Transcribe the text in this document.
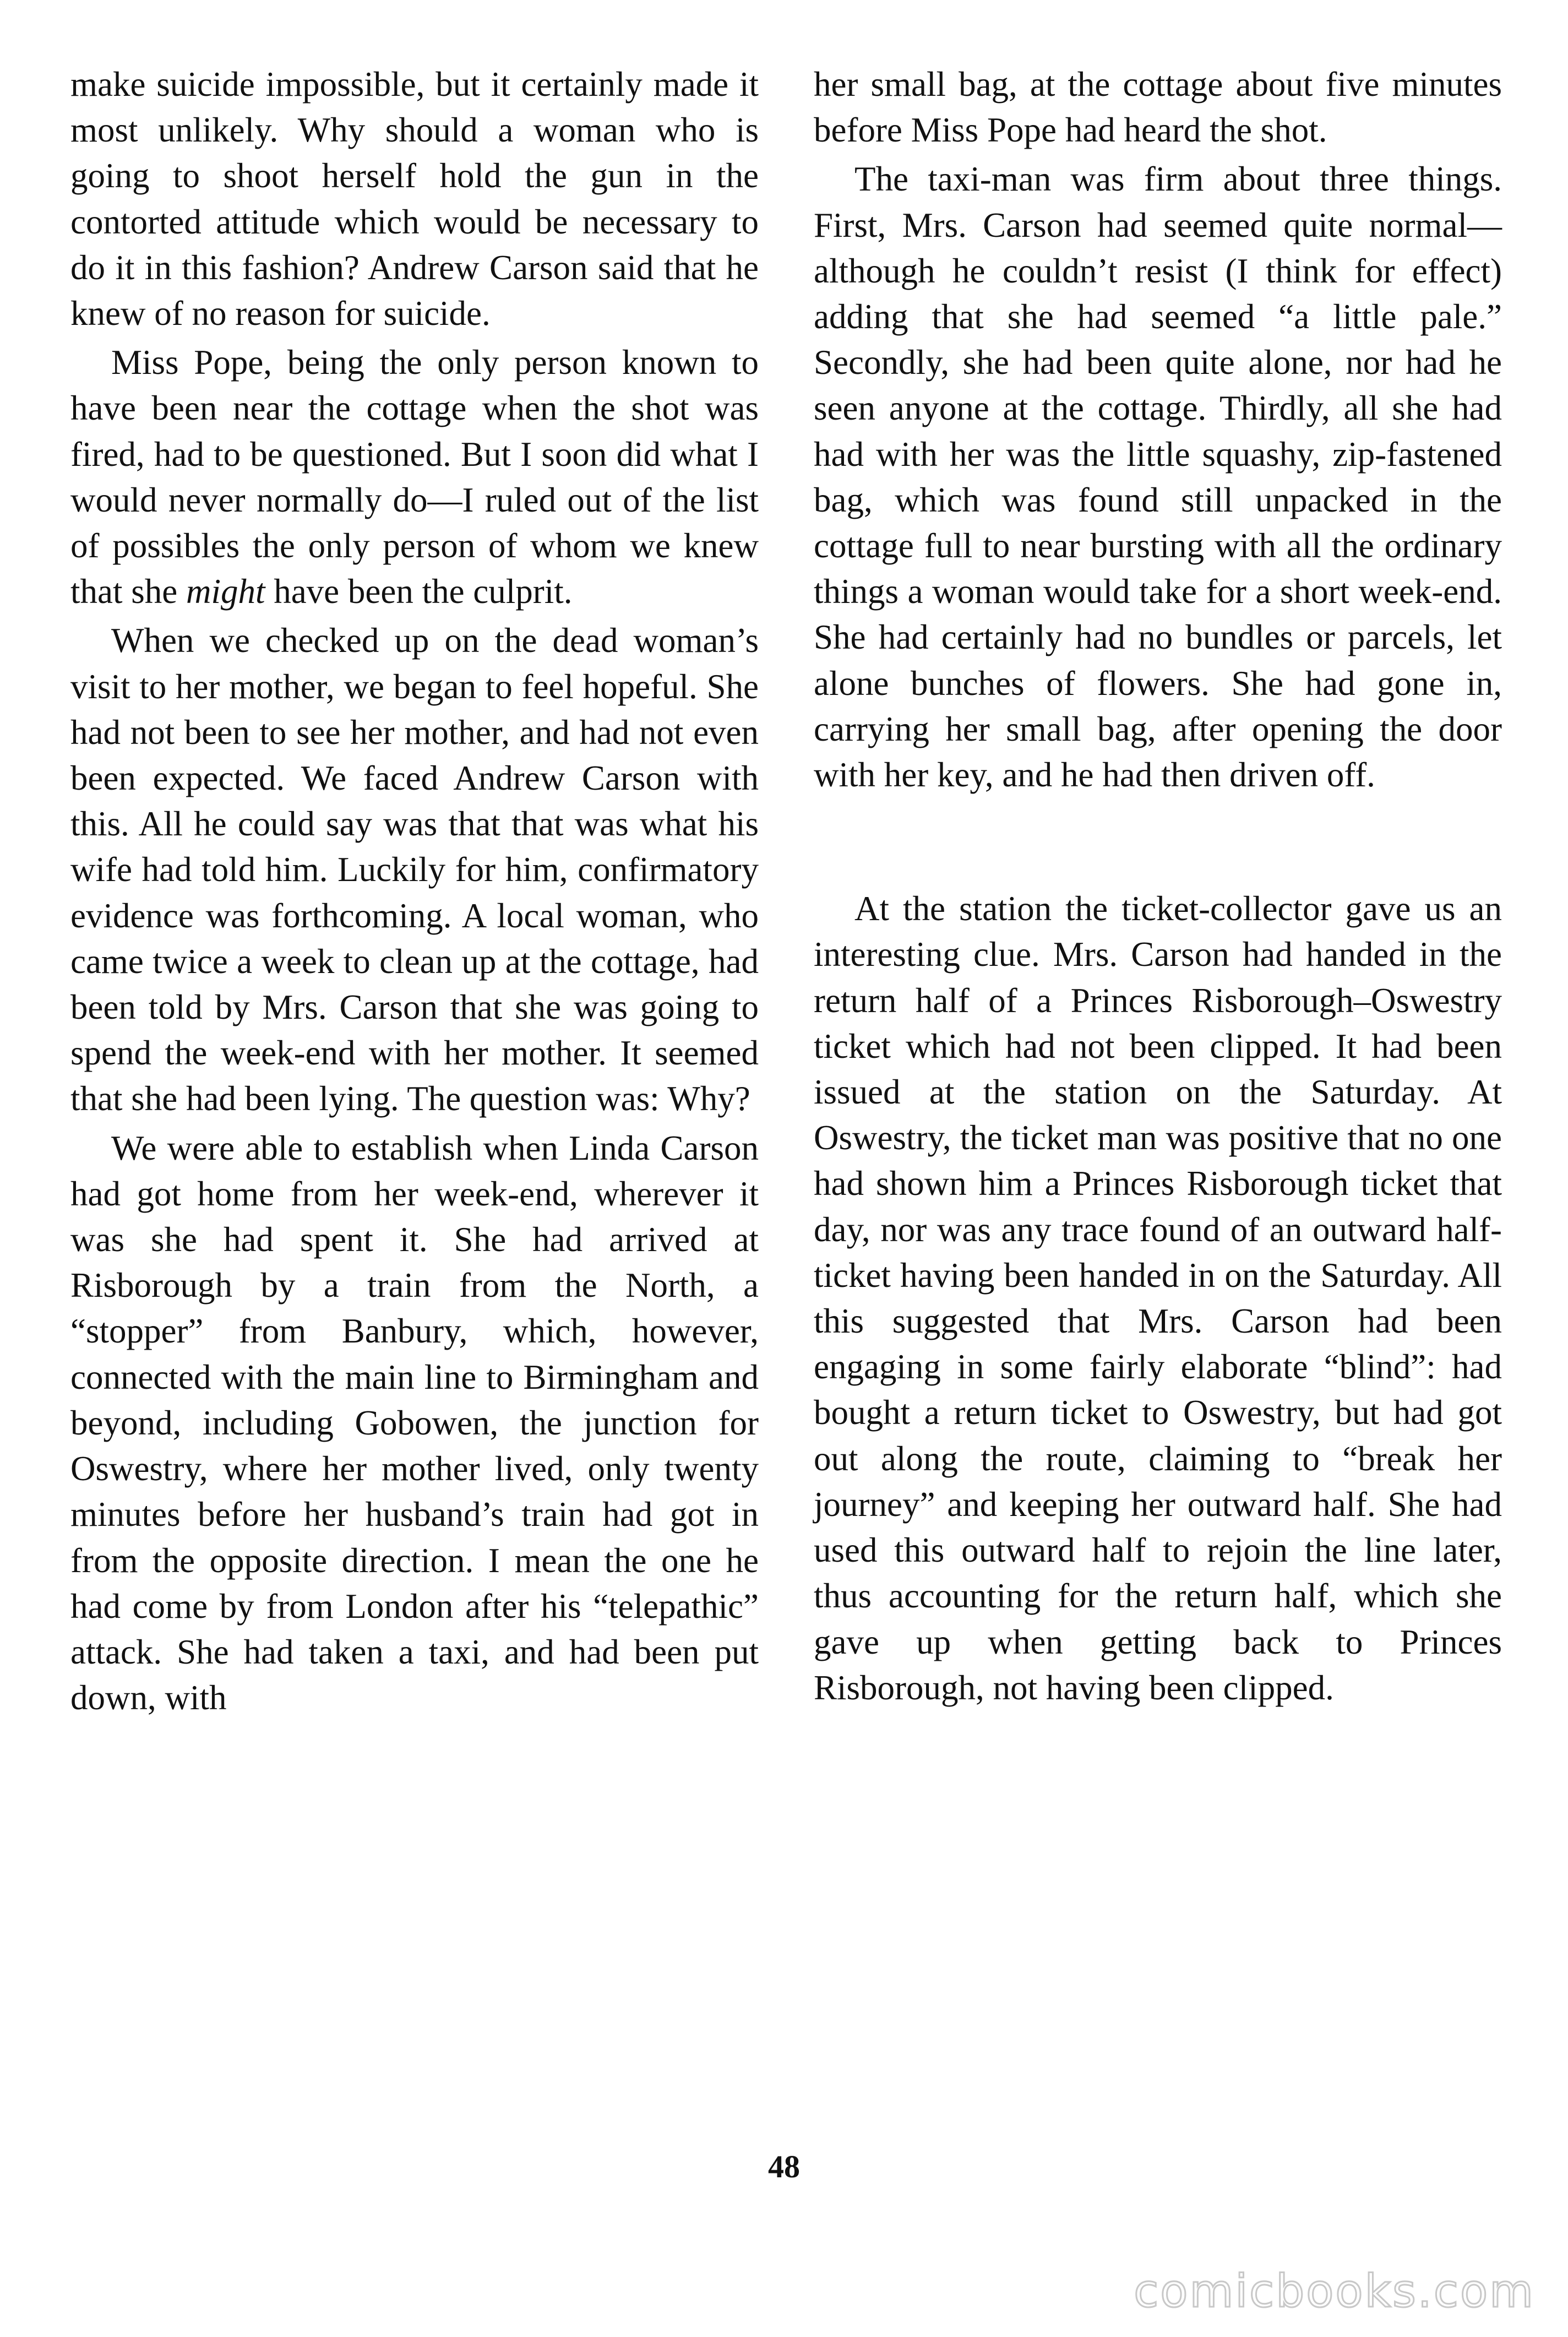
make suicide impossible, but it certainly made it most unlikely. Why should a woman who is going to shoot herself hold the gun in the contorted attitude which would be necessary to do it in this fashion? Andrew Carson said that he knew of no reason for suicide.

Miss Pope, being the only person known to have been near the cottage when the shot was fired, had to be questioned. But I soon did what I would never normally do—I ruled out of the list of possibles the only person of whom we knew that she might have been the culprit.

When we checked up on the dead woman’s visit to her mother, we began to feel hopeful. She had not been to see her mother, and had not even been expected. We faced Andrew Carson with this. All he could say was that that was what his wife had told him. Luckily for him, confirmatory evidence was forthcoming. A local woman, who came twice a week to clean up at the cottage, had been told by Mrs. Carson that she was going to spend the week-end with her mother. It seemed that she had been lying. The question was: Why?

We were able to establish when Linda Carson had got home from her week-end, wherever it was she had spent it. She had arrived at Risborough by a train from the North, a “stopper” from Banbury, which, however, connected with the main line to Birmingham and beyond, including Gobowen, the junction for Oswestry, where her mother lived, only twenty minutes before her husband’s train had got in from the opposite direction. I mean the one he had come by from London after his “telepathic” attack. She had taken a taxi, and had been put down, with

her small bag, at the cottage about five minutes before Miss Pope had heard the shot.

The taxi-man was firm about three things. First, Mrs. Carson had seemed quite normal—although he couldn’t resist (I think for effect) adding that she had seemed “a little pale.” Secondly, she had been quite alone, nor had he seen anyone at the cottage. Thirdly, all she had had with her was the little squashy, zip-fastened bag, which was found still unpacked in the cottage full to near bursting with all the ordinary things a woman would take for a short week-end. She had certainly had no bundles or parcels, let alone bunches of flowers. She had gone in, carrying her small bag, after opening the door with her key, and he had then driven off.

At the station the ticket-collector gave us an interesting clue. Mrs. Carson had handed in the return half of a Princes Risborough–Oswestry ticket which had not been clipped. It had been issued at the station on the Saturday. At Oswestry, the ticket man was positive that no one had shown him a Princes Risborough ticket that day, nor was any trace found of an outward half-ticket having been handed in on the Saturday. All this suggested that Mrs. Carson had been engaging in some fairly elaborate “blind”: had bought a return ticket to Oswestry, but had got out along the route, claiming to “break her journey” and keeping her outward half. She had used this outward half to rejoin the line later, thus accounting for the return half, which she gave up when getting back to Princes Risborough, not having been clipped.

48
comicbooks.com
